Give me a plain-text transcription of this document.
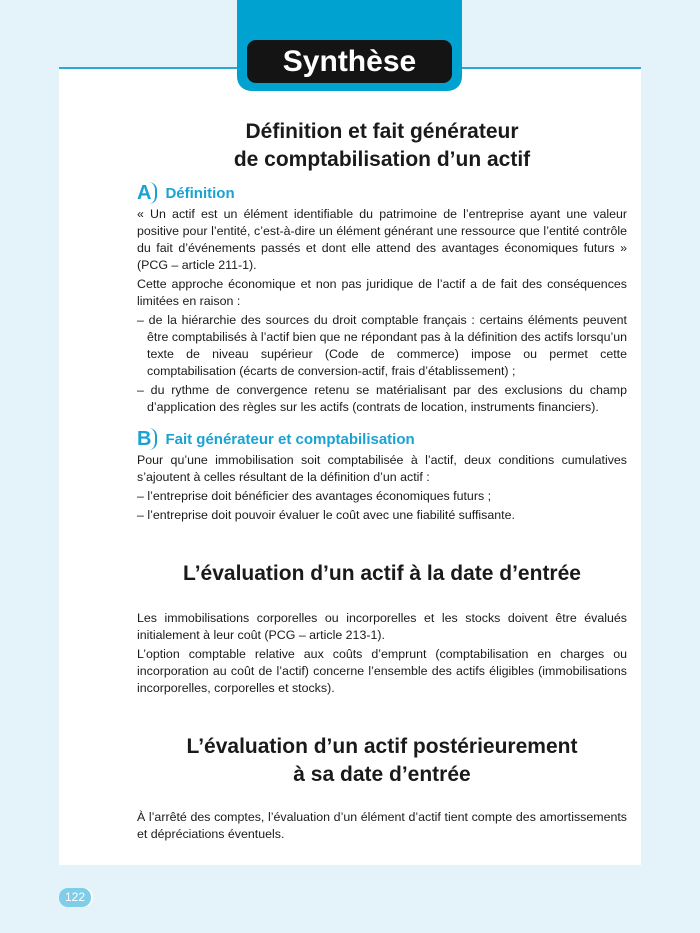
Synthèse
Définition et fait générateur
de comptabilisation d’un actif
A Définition

« Un actif est un élément identifiable du patrimoine de l’entreprise ayant une valeur positive pour l’entité, c’est-à-dire un élément générant une ressource que l’entité contrôle du fait d’événements passés et dont elle attend des avantages économiques futurs » (PCG – article 211-1).

Cette approche économique et non pas juridique de l’actif a de fait des conséquences limitées en raison :

– de la hiérarchie des sources du droit comptable français : certains éléments peuvent être comptabilisés à l’actif bien que ne répondant pas à la définition des actifs lorsqu’un texte de niveau supérieur (Code de commerce) impose ou permet cette comptabilisation (écarts de conversion-actif, frais d’établissement) ;

– du rythme de convergence retenu se matérialisant par des exclusions du champ d’application des règles sur les actifs (contrats de location, instruments financiers).

B Fait générateur et comptabilisation

Pour qu’une immobilisation soit comptabilisée à l’actif, deux conditions cumulatives s’ajoutent à celles résultant de la définition d’un actif :

– l’entreprise doit bénéficier des avantages économiques futurs ;

– l’entreprise doit pouvoir évaluer le coût avec une fiabilité suffisante.

L’évaluation d’un actif à la date d’entrée

Les immobilisations corporelles ou incorporelles et les stocks doivent être évalués initialement à leur coût (PCG – article 213-1).

L’option comptable relative aux coûts d’emprunt (comptabilisation en charges ou incorporation au coût de l’actif) concerne l’ensemble des actifs éligibles (immobilisations incorporelles, corporelles et stocks).

L’évaluation d’un actif postérieurement
à sa date d’entrée

À l’arrêté des comptes, l’évaluation d’un élément d’actif tient compte des amortissements et dépréciations éventuels.

122
